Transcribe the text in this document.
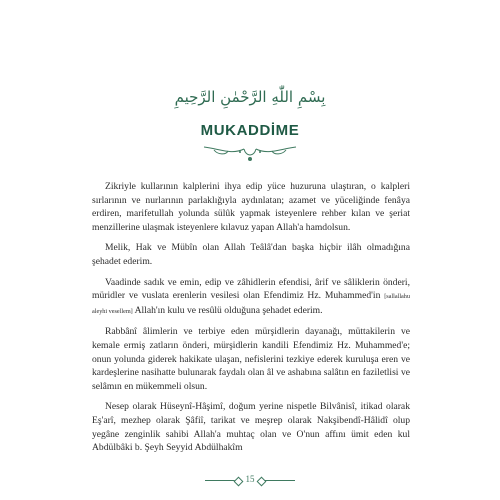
بِسْمِ اللّٰهِ الرَّحْمٰنِ الرَّحِيمِ
MUKADDİME

Zikriyle kullarının kalplerini ihya edip yüce huzuruna ulaştıran, o kalpleri sırlarının ve nurlarının parlaklığıyla aydınlatan; azamet ve yüceliğinde fenâya erdiren, marifetullah yolunda sülûk yapmak isteyenlere rehber kılan ve şeriat menzillerine ulaşmak isteyenlere kılavuz yapan Allah'a hamdolsun.

Melik, Hak ve Mübîn olan Allah Teâlâ'dan başka hiçbir ilâh olmadığına şehadet ederim.

Vaadinde sadık ve emin, edip ve zâhidlerin efendisi, ârif ve sâliklerin önderi, müridler ve vuslata erenlerin vesilesi olan Efendimiz Hz. Muhammed'in [sallallahu aleyhi vesellem] Allah'ın kulu ve resûlü olduğuna şehadet ederim.

Rabbânî âlimlerin ve terbiye eden mürşidlerin dayanağı, müttakilerin ve kemale ermiş zatların önderi, mürşidlerin kandili Efendimiz Hz. Muhammed'e; onun yolunda giderek hakikate ulaşan, nefislerini tezkiye ederek kuruluşa eren ve kardeşlerine nasihatte bulunarak faydalı olan âl ve ashabına salâtın en faziletlisi ve selâmın en mükemmeli olsun.

Nesep olarak Hüseynî-Hâşimî, doğum yerine nispetle Bilvânisî, itikad olarak Eş'arî, mezhep olarak Şâfiî, tarikat ve meşrep olarak Nakşibendî-Hâlidî olup yegâne zenginlik sahibi Allah'a muhtaç olan ve O'nun affını ümit eden kul Abdülbâki b. Şeyh Seyyid Abdülhakîm

15
